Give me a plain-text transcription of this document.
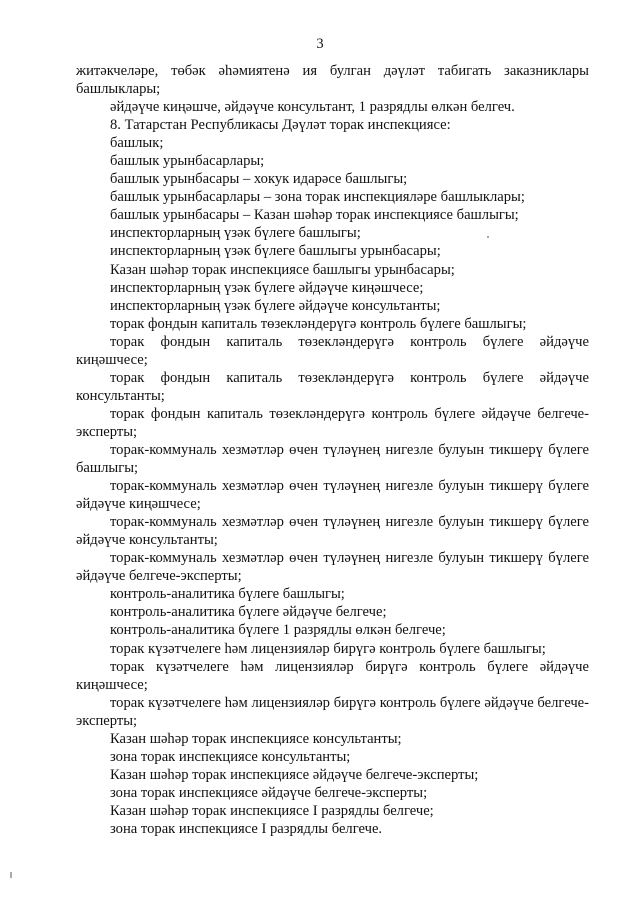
3

житәкчеләре, төбәк әһәмиятенә ия булган дәүләт табигать заказниклары башлыклары;

әйдәүче киңәшче, әйдәүче консультант, 1 разрядлы өлкән белгеч.

8. Татарстан Республикасы Дәүләт торак инспекциясе:

башлык;

башлык урынбасарлары;

башлык урынбасары – хокук идарәсе башлыгы;

башлык урынбасарлары – зона торак инспекцияләре башлыклары;

башлык урынбасары – Казан шәһәр торак инспекциясе башлыгы;

инспекторларның үзәк бүлеге башлыгы;

инспекторларның үзәк бүлеге башлыгы урынбасары;

Казан шәһәр торак инспекциясе башлыгы урынбасары;

инспекторларның үзәк бүлеге әйдәүче киңәшчесе;

инспекторларның үзәк бүлеге әйдәүче консультанты;

торак фондын капиталь төзекләндерүгә контроль бүлеге башлыгы;

торак фондын капиталь төзекләндерүгә контроль бүлеге әйдәүче киңәшчесе;

торак фондын капиталь төзекләндерүгә контроль бүлеге әйдәүче консультанты;

торак фондын капиталь төзекләндерүгә контроль бүлеге әйдәүче белгече-эксперты;

торак-коммуналь хезмәтләр өчен түләүнең нигезле булуын тикшерү бүлеге башлыгы;

торак-коммуналь хезмәтләр өчен түләүнең нигезле булуын тикшерү бүлеге әйдәүче киңәшчесе;

торак-коммуналь хезмәтләр өчен түләүнең нигезле булуын тикшерү бүлеге әйдәүче консультанты;

торак-коммуналь хезмәтләр өчен түләүнең нигезле булуын тикшерү бүлеге әйдәүче белгече-эксперты;

контроль-аналитика бүлеге башлыгы;

контроль-аналитика бүлеге әйдәүче белгече;

контроль-аналитика бүлеге 1 разрядлы өлкән белгече;

торак күзәтчелеге һәм лицензияләр бирүгә контроль бүлеге башлыгы;

торак күзәтчелеге һәм лицензияләр бирүгә контроль бүлеге әйдәүче киңәшчесе;

торак күзәтчелеге һәм лицензияләр бирүгә контроль бүлеге әйдәүче белгече-эксперты;

Казан шәһәр торак инспекциясе консультанты;

зона торак инспекциясе консультанты;

Казан шәһәр торак инспекциясе әйдәүче белгече-эксперты;

зона торак инспекциясе әйдәүче белгече-эксперты;

Казан шәһәр торак инспекциясе I разрядлы белгече;

зона торак инспекциясе I разрядлы белгече.
